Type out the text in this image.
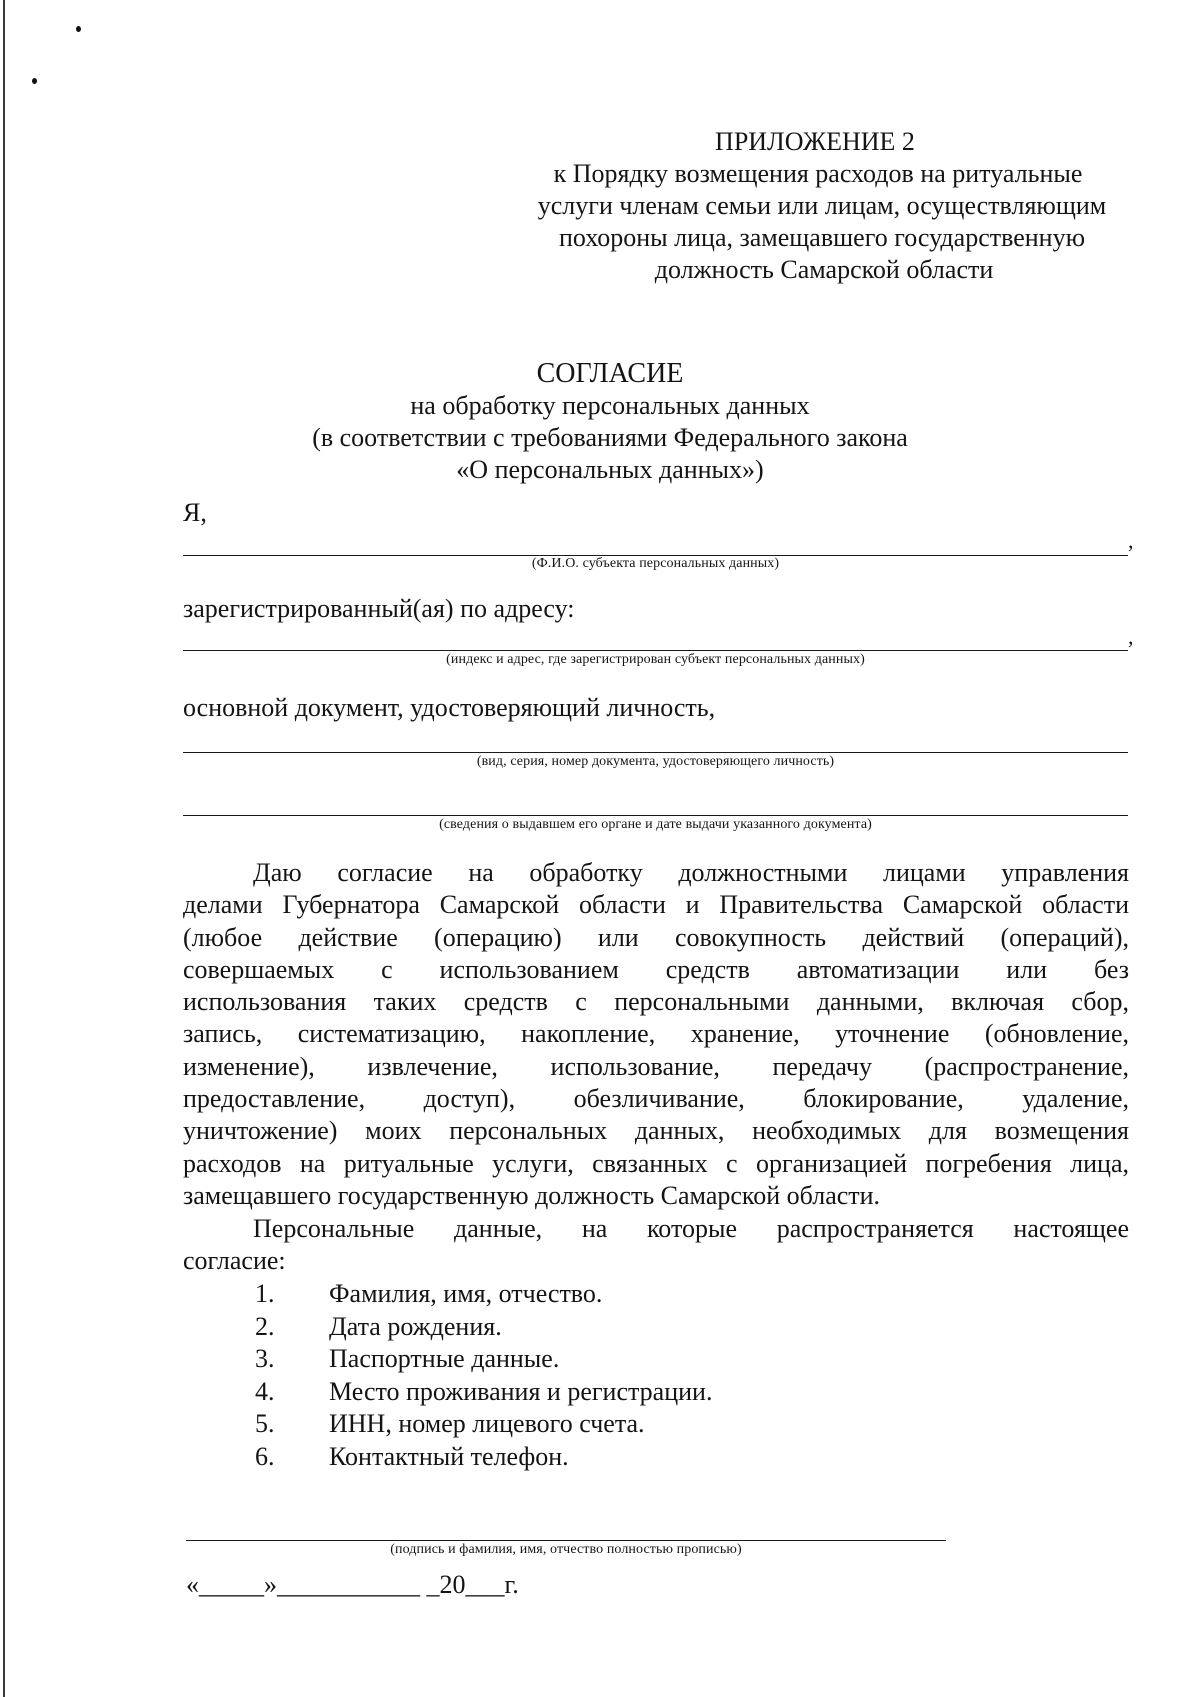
ПРИЛОЖЕНИЕ 2
к Порядку возмещения расходов на ритуальные
услуги членам семьи или лицам, осуществляющим
похороны лица, замещавшего государственную
должность Самарской области
СОГЛАСИЕ
на обработку персональных данных
(в соответствии с требованиями Федерального закона
«О персональных данных»)
Я,
,
(Ф.И.О. субъекта персональных данных)
зарегистрированный(ая) по адресу:
,
(индекс и адрес, где зарегистрирован субъект персональных данных)
основной документ, удостоверяющий личность,
(вид, серия, номер документа, удостоверяющего личность)
(сведения о выдавшем его органе и дате выдачи указанного документа)
Даю согласие на обработку должностными лицами управления
делами Губернатора Самарской области и Правительства Самарской области
(любое действие (операцию) или совокупность действий (операций),
совершаемых с использованием средств автоматизации или без
использования таких средств с персональными данными, включая сбор,
запись, систематизацию, накопление, хранение, уточнение (обновление,
изменение), извлечение, использование, передачу (распространение,
предоставление, доступ), обезличивание, блокирование, удаление,
уничтожение) моих персональных данных, необходимых для возмещения
расходов на ритуальные услуги, связанных с организацией погребения лица,
замещавшего государственную должность Самарской области.
Персональные данные, на которые распространяется настоящее
согласие:
1.	Фамилия, имя, отчество.
2.	Дата рождения.
3.	Паспортные данные.
4.	Место проживания и регистрации.
5.	ИНН, номер лицевого счета.
6.	Контактный телефон.
(подпись и фамилия, имя, отчество полностью прописью)
«_____»___________ _20___г.
